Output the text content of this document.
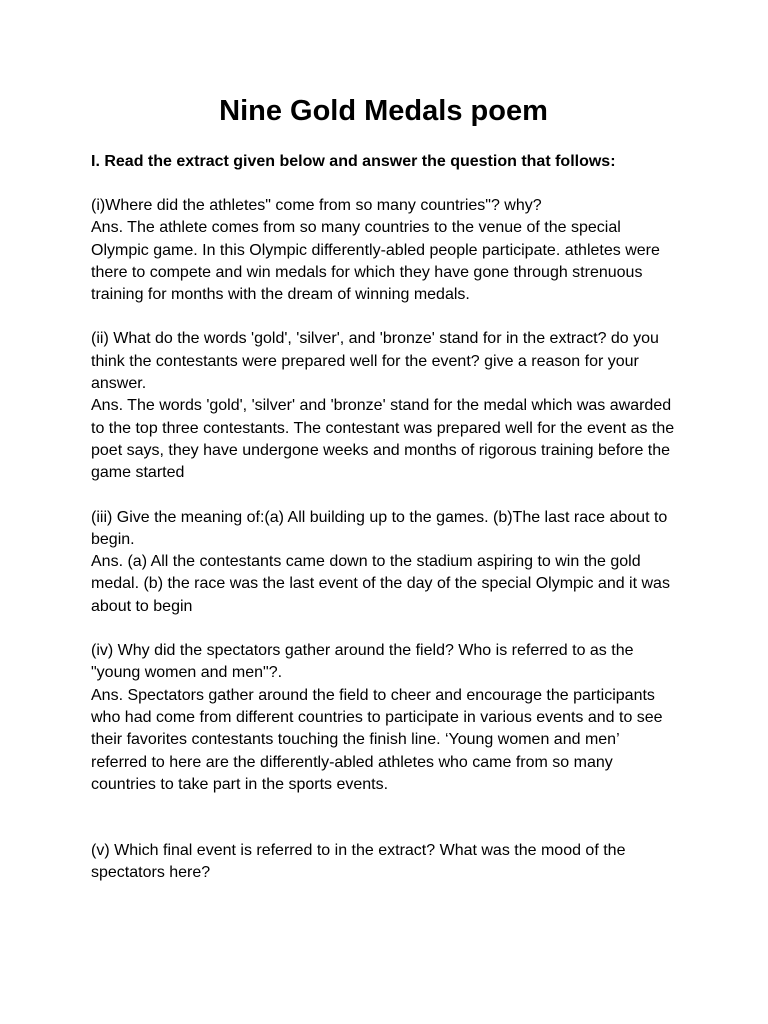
Nine Gold Medals poem
I. Read the extract given below and answer the question that follows:

(i)Where did the athletes" come from so many countries"? why?

Ans. The athlete comes from so many countries to the venue of the special Olympic game. In this Olympic differently-abled people participate. athletes were there to compete and win medals for which they have gone through strenuous training for months with the dream of winning medals.

(ii) What do the words 'gold', 'silver', and 'bronze' stand for in the extract? do you think the contestants were prepared well for the event? give a reason for your answer.

Ans. The words 'gold', 'silver' and 'bronze' stand for the medal which was awarded to the top three contestants. The contestant was prepared well for the event as the poet says, they have undergone weeks and months of rigorous training before the game started

(iii) Give the meaning of:(a) All building up to the games. (b)The last race about to begin.

Ans. (a) All the contestants came down to the stadium aspiring to win the gold medal. (b) the race was the last event of the day of the special Olympic and it was about to begin

(iv) Why did the spectators gather around the field? Who is referred to as the "young women and men"?.

Ans. Spectators gather around the field to cheer and encourage the participants who had come from different countries to participate in various events and to see their favorites contestants touching the finish line. ‘Young women and men’ referred to here are the differently-abled athletes who came from so many countries to take part in the sports events.

(v) Which final event is referred to in the extract? What was the mood of the spectators here?
